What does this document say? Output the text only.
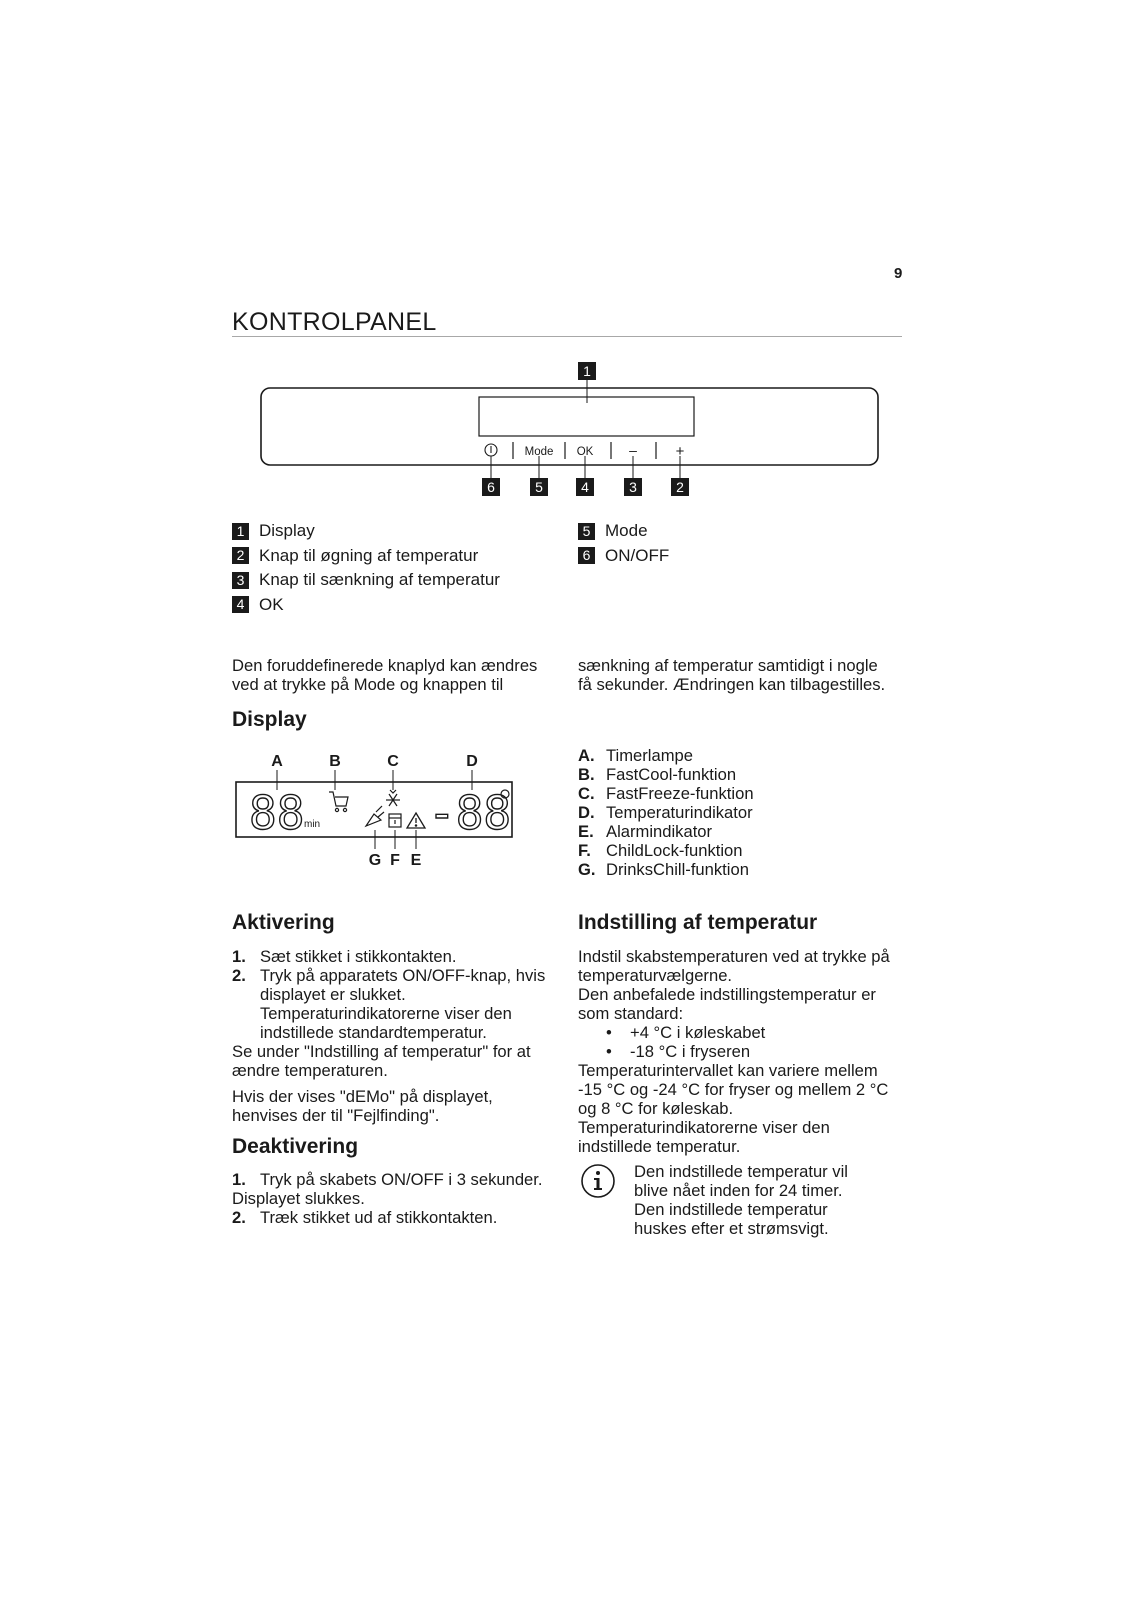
9
KONTROLPANEL
1
Mode OK	–	+
6	5	4	3	2
1 Display
2 Knap til øgning af temperatur
3 Knap til sænkning af temperatur
4 OK
5 Mode
6 ON/OFF
Den foruddefinerede knaplyd kan ændres
ved at trykke på Mode og knappen til
sænkning af temperatur samtidigt i nogle
få sekunder. Ændringen kan tilbagestilles.
Display
A	B	C	D
G F E
88 min -88
A. Timerlampe
B. FastCool-funktion
C. FastFreeze-funktion
D. Temperaturindikator
E. Alarmindikator
F. ChildLock-funktion
G. DrinksChill-funktion
Aktivering
1. Sæt stikket i stikkontakten.
2. Tryk på apparatets ON/OFF-knap, hvis
displayet er slukket.
Temperaturindikatorerne viser den
indstillede standardtemperatur.
Se under "Indstilling af temperatur" for at
ændre temperaturen.
Hvis der vises "dEMo" på displayet,
henvises der til "Fejlfinding".
Deaktivering
1. Tryk på skabets ON/OFF i 3 sekunder.
Displayet slukkes.
2. Træk stikket ud af stikkontakten.
Indstilling af temperatur
Indstil skabstemperaturen ved at trykke på
temperaturvælgerne.
Den anbefalede indstillingstemperatur er
som standard:
•	+4 °C i køleskabet
•	-18 °C i fryseren
Temperaturintervallet kan variere mellem
-15 °C og -24 °C for fryser og mellem 2 °C
og 8 °C for køleskab.
Temperaturindikatorerne viser den
indstillede temperatur.
Den indstillede temperatur vil
blive nået inden for 24 timer.
Den indstillede temperatur
huskes efter et strømsvigt.
